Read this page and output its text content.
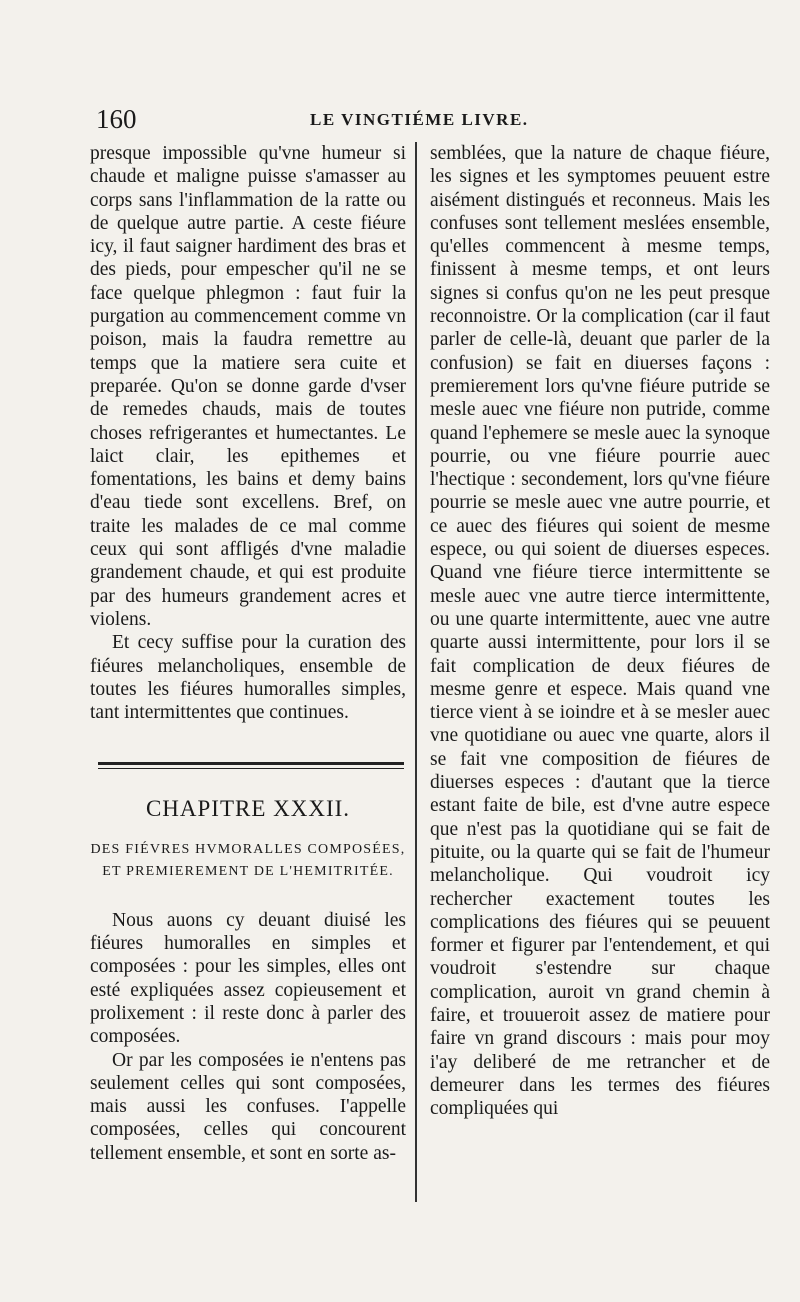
160	LE VINGTIÉME LIVRE.

presque impossible qu'vne humeur si chaude et maligne puisse s'amasser au corps sans l'inflammation de la ratte ou de quelque autre partie. A ceste fiéure icy, il faut saigner hardiment des bras et des pieds, pour empescher qu'il ne se face quelque phlegmon : faut fuir la purgation au commencement comme vn poison, mais la faudra remettre au temps que la matiere sera cuite et preparée. Qu'on se donne garde d'vser de remedes chauds, mais de toutes choses refrigerantes et humectantes. Le laict clair, les epithemes et fomentations, les bains et demy bains d'eau tiede sont excellens. Bref, on traite les malades de ce mal comme ceux qui sont affligés d'vne maladie grandement chaude, et qui est produite par des humeurs grandement acres et violens.

Et cecy suffise pour la curation des fiéures melancholiques, ensemble de toutes les fiéures humoralles simples, tant intermittentes que continues.

CHAPITRE XXXII.
DES FIÉVRES HVMORALLES COMPOSÉES,
ET PREMIEREMENT DE L'HEMITRITÉE.

Nous auons cy deuant diuisé les fiéures humoralles en simples et composées : pour les simples, elles ont esté expliquées assez copieusement et prolixement : il reste donc à parler des composées.

Or par les composées ie n'entens pas seulement celles qui sont composées, mais aussi les confuses. I'appelle composées, celles qui concourent tellement ensemble, et sont en sorte as-

semblées, que la nature de chaque fiéure, les signes et les symptomes peuuent estre aisément distingués et reconneus. Mais les confuses sont tellement meslées ensemble, qu'elles commencent à mesme temps, finissent à mesme temps, et ont leurs signes si confus qu'on ne les peut presque reconnoistre. Or la complication (car il faut parler de celle-là, deuant que parler de la confusion) se fait en diuerses façons : premierement lors qu'vne fiéure putride se mesle auec vne fiéure non putride, comme quand l'ephemere se mesle auec la synoque pourrie, ou vne fiéure pourrie auec l'hectique : secondement, lors qu'vne fiéure pourrie se mesle auec vne autre pourrie, et ce auec des fiéures qui soient de mesme espece, ou qui soient de diuerses especes. Quand vne fiéure tierce intermittente se mesle auec vne autre tierce intermittente, ou une quarte intermittente, auec vne autre quarte aussi intermittente, pour lors il se fait complication de deux fiéures de mesme genre et espece. Mais quand vne tierce vient à se ioindre et à se mesler auec vne quotidiane ou auec vne quarte, alors il se fait vne composition de fiéures de diuerses especes : d'autant que la tierce estant faite de bile, est d'vne autre espece que n'est pas la quotidiane qui se fait de pituite, ou la quarte qui se fait de l'humeur melancholique. Qui voudroit icy rechercher exactement toutes les complications des fiéures qui se peuuent former et figurer par l'entendement, et qui voudroit s'estendre sur chaque complication, auroit vn grand chemin à faire, et trouueroit assez de matiere pour faire vn grand discours : mais pour moy i'ay deliberé de me retrancher et de demeurer dans les termes des fiéures compliquées qui
